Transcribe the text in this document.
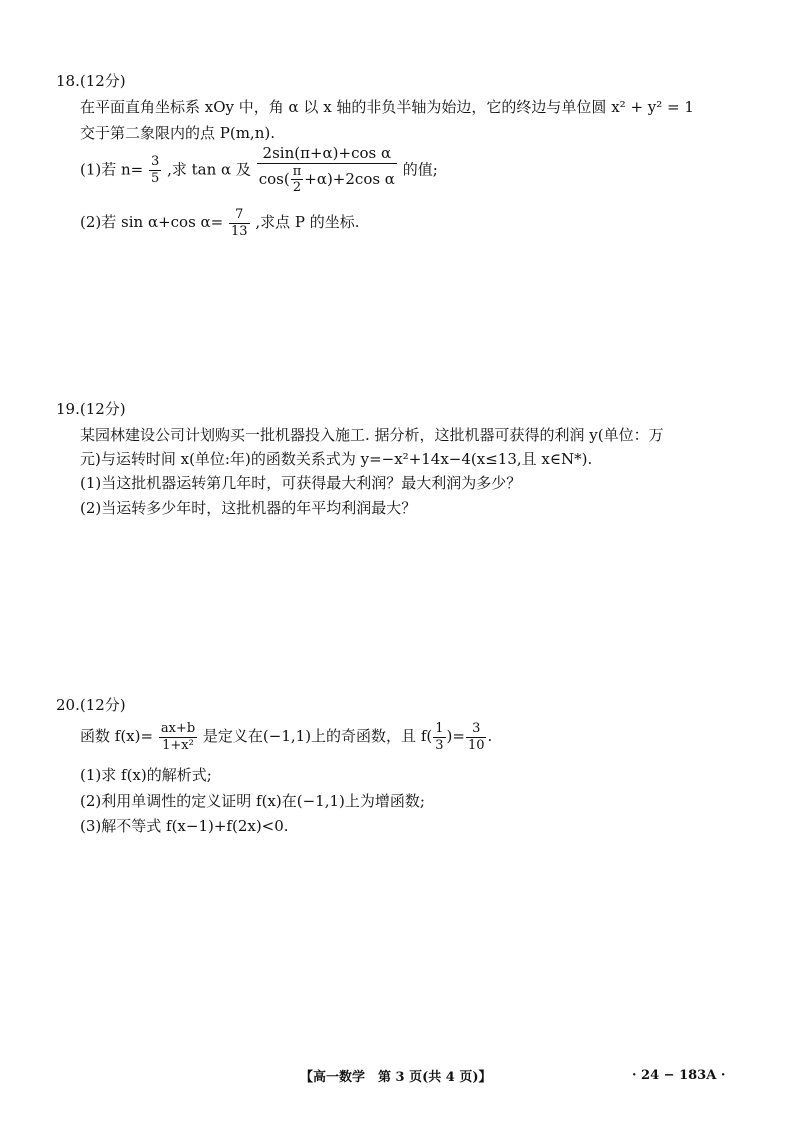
18.(12分)
在平面直角坐标系 xOy 中，角 α 以 x 轴的非负半轴为始边，它的终边与单位圆 x² + y² = 1
交于第二象限内的点 P(m,n).
(1)若 $n= \frac{3}{5}$ ,求 tan α 及 $\frac{\text{2sin(π+α)+cos α}}{\cos( \frac{\pi}{2} +\alpha)+2\cos \alpha}$ 的值;
(2)若 sin α+cos $\alpha= \frac{7}{13}$ ,求点 P 的坐标.
19.(12分)
某园林建设公司计划购买一批机器投入施工. 据分析，这批机器可获得的利润 y(单位：万
元)与运转时间 x(单位:年)的函数关系式为 y=−x²+14x−4(x≤13,且 x∈N*).
(1)当这批机器运转第几年时，可获得最大利润？最大利润为多少？
(2)当运转多少年时，这批机器的年平均利润最大？
20.(12分)
函数 $f(x)= \frac{ax+b}{\text{1+x²}}$ 是定义在(−1,1)上的奇函数，且 $f( \frac{1}{3}$ )= $\frac{3}{10}$ .
(1)求 f(x)的解析式;
(2)利用单调性的定义证明 f(x)在(−1,1)上为增函数;
(3)解不等式 f(x−1)+f(2x)<0.
【高一数学　第 3 页(共 4 页)】	· 24 − 183A ·
